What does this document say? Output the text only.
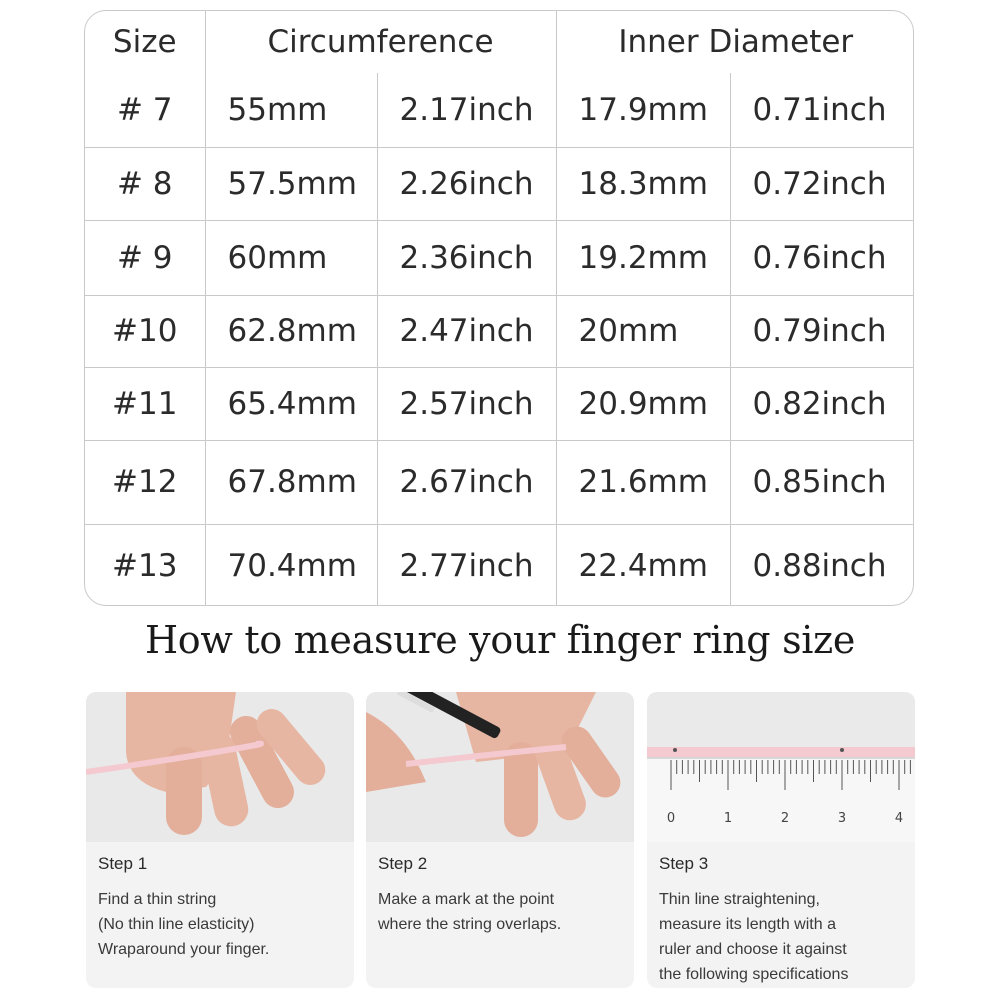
Size	Circumference		Inner Diameter	
# 7	55mm	2.17inch	17.9mm	0.71inch
# 8	57.5mm	2.26inch	18.3mm	0.72inch
# 9	60mm	2.36inch	19.2mm	0.76inch
#10	62.8mm	2.47inch	20mm	0.79inch
#11	65.4mm	2.57inch	20.9mm	0.82inch
#12	67.8mm	2.67inch	21.6mm	0.85inch
#13	70.4mm	2.77inch	22.4mm	0.88inch
How to measure your finger ring size
Step 1
Find a thin string
(No thin line elasticity)
Wraparound your finger.
Step 2
Make a mark at the point
where the string overlaps.
0	1	2	3	4
Step 3
Thin line straightening,
measure its length with a
ruler and choose it against
the following specifications
